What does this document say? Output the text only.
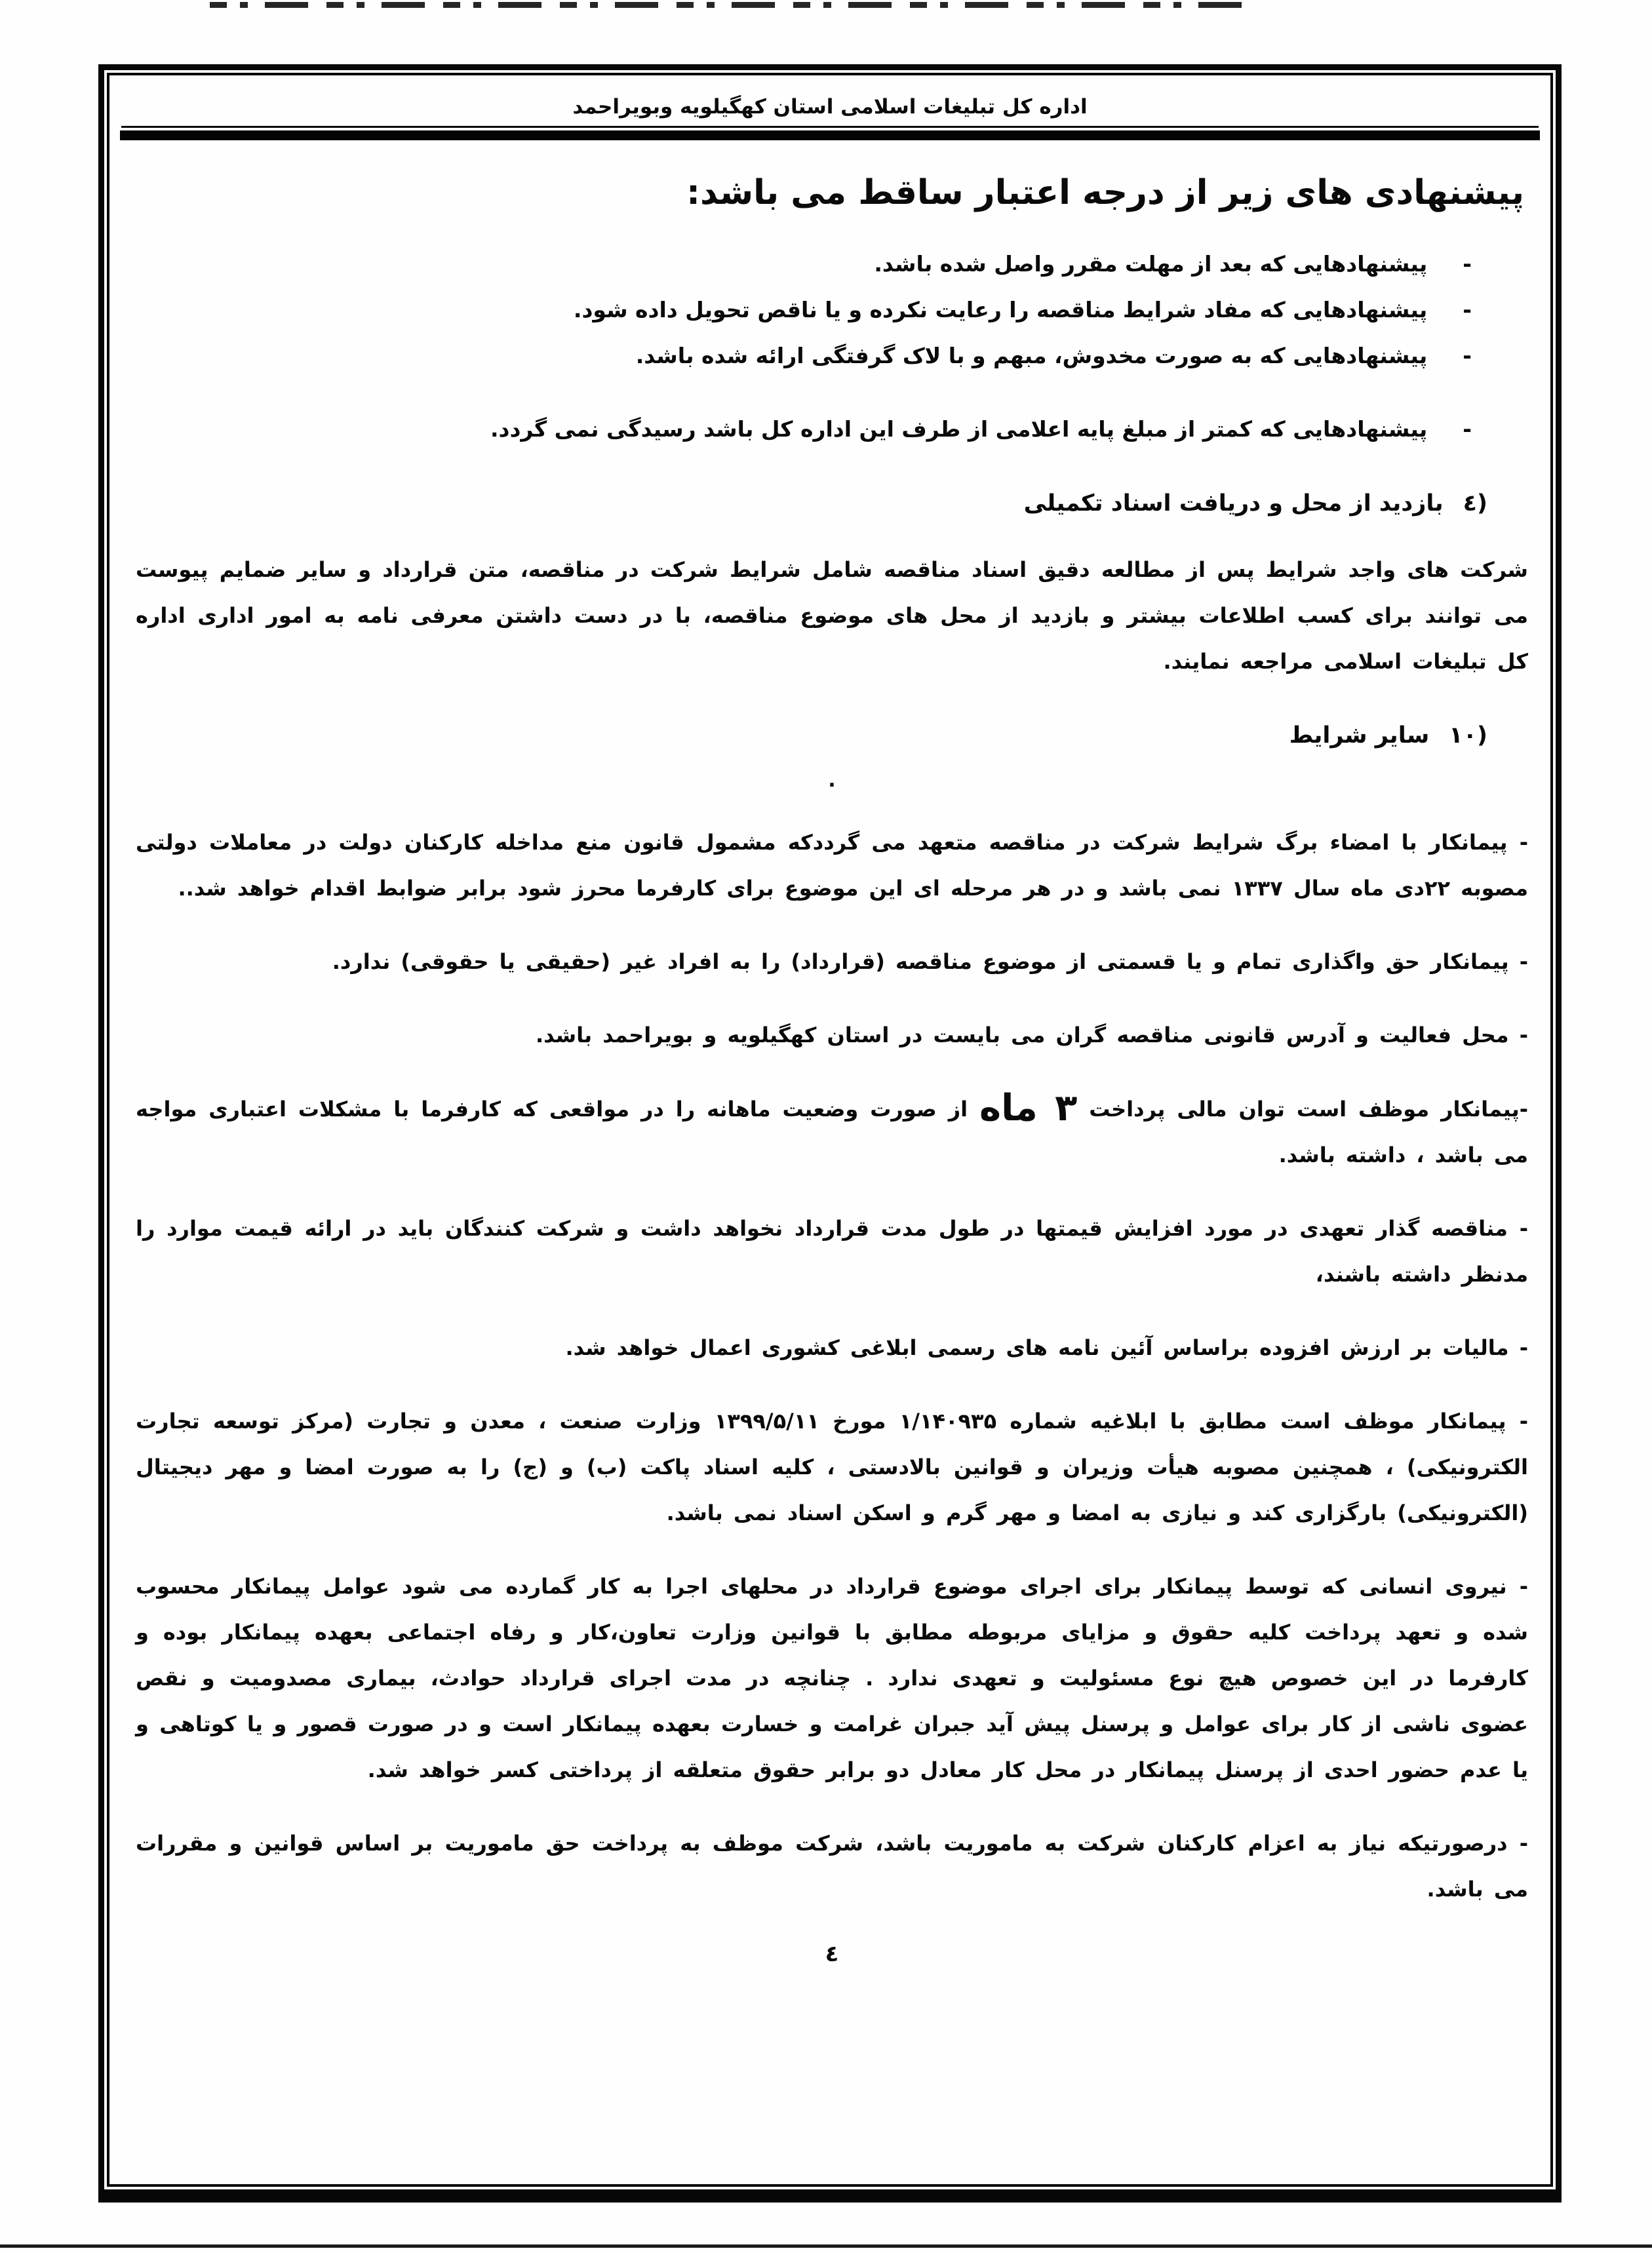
اداره کل تبلیغات اسلامی استان کهگیلویه وبویراحمد
پیشنهادی های زیر از درجه اعتبار ساقط می باشد:
-
پیشنهادهایی که بعد از مهلت مقرر واصل شده باشد.
-
پیشنهادهایی که مفاد شرایط مناقصه را رعایت نکرده و یا ناقص تحویل داده شود.
-
پیشنهادهایی که به صورت مخدوش، مبهم و با لاک گرفتگی ارائه شده باشد.
-
پیشنهادهایی که کمتر از مبلغ پایه اعلامی از طرف این اداره کل باشد رسیدگی نمی گردد.
٤)
بازدید از محل و دریافت اسناد تکمیلی

شرکت های واجد شرایط پس از مطالعه دقیق اسناد مناقصه شامل شرایط شرکت در مناقصه، متن قرارداد و سایر ضمایم پیوست می توانند برای کسب اطلاعات بیشتر و بازدید از محل های موضوع مناقصه، با در دست داشتن معرفی نامه به امور اداری اداره کل تبلیغات اسلامی مراجعه نمایند.

۱۰)
سایر شرایط
.

- پیمانکار با امضاء برگ شرایط شرکت در مناقصه متعهد می گرددکه مشمول قانون منع مداخله کارکنان دولت در معاملات دولتی مصوبه ۲۲دی ماه سال ۱۳۳۷ نمی باشد و در هر مرحله ای این موضوع برای کارفرما محرز شود برابر ضوابط اقدام خواهد شد..

- پیمانکار حق واگذاری تمام و یا قسمتی از موضوع مناقصه (قرارداد) را به افراد غیر (حقیقی یا حقوقی) ندارد.

- محل فعالیت و آدرس قانونی مناقصه گران می بایست در استان کهگیلویه و بویراحمد باشد.

-پیمانکار موظف است توان مالی پرداخت ۳ ماه از صورت وضعیت ماهانه را در مواقعی که کارفرما با مشکلات اعتباری مواجه می باشد ، داشته باشد.

- مناقصه گذار تعهدی در مورد افزایش قیمتها در طول مدت قرارداد نخواهد داشت و شرکت کنندگان باید در ارائه قیمت موارد را مدنظر داشته باشند،

- مالیات بر ارزش افزوده براساس آئین نامه های رسمی ابلاغی کشوری اعمال خواهد شد.

- پیمانکار موظف است مطابق با ابلاغیه شماره ۱/۱۴۰۹۳۵ مورخ ۱۳۹۹/۵/۱۱ وزارت صنعت ، معدن و تجارت (مرکز توسعه تجارت الکترونیکی) ، همچنین مصوبه هیأت وزیران و قوانین بالادستی ، کلیه اسناد پاکت (ب) و (ج) را به صورت امضا و مهر دیجیتال (الکترونیکی) بارگزاری کند و نیازی به امضا و مهر گرم و اسکن اسناد نمی باشد.

- نیروی انسانی که توسط پیمانکار برای اجرای موضوع قرارداد در محلهای اجرا به کار گمارده می شود عوامل پیمانکار محسوب شده و تعهد پرداخت کلیه حقوق و مزایای مربوطه مطابق با قوانین وزارت تعاون،کار و رفاه اجتماعی بعهده پیمانکار بوده و کارفرما در این خصوص هیچ نوع مسئولیت و تعهدی ندارد . چنانچه در مدت اجرای قرارداد حوادث، بیماری مصدومیت و نقص عضوی ناشی از کار برای عوامل و پرسنل پیش آید جبران غرامت و خسارت بعهده پیمانکار است و در صورت قصور و یا کوتاهی و یا عدم حضور احدی از پرسنل پیمانکار در محل کار معادل دو برابر حقوق متعلقه از پرداختی کسر خواهد شد.

- درصورتیکه نیاز به اعزام کارکنان شرکت به ماموریت باشد، شرکت موظف به پرداخت حق ماموریت بر اساس قوانین و مقررات می باشد.

٤
